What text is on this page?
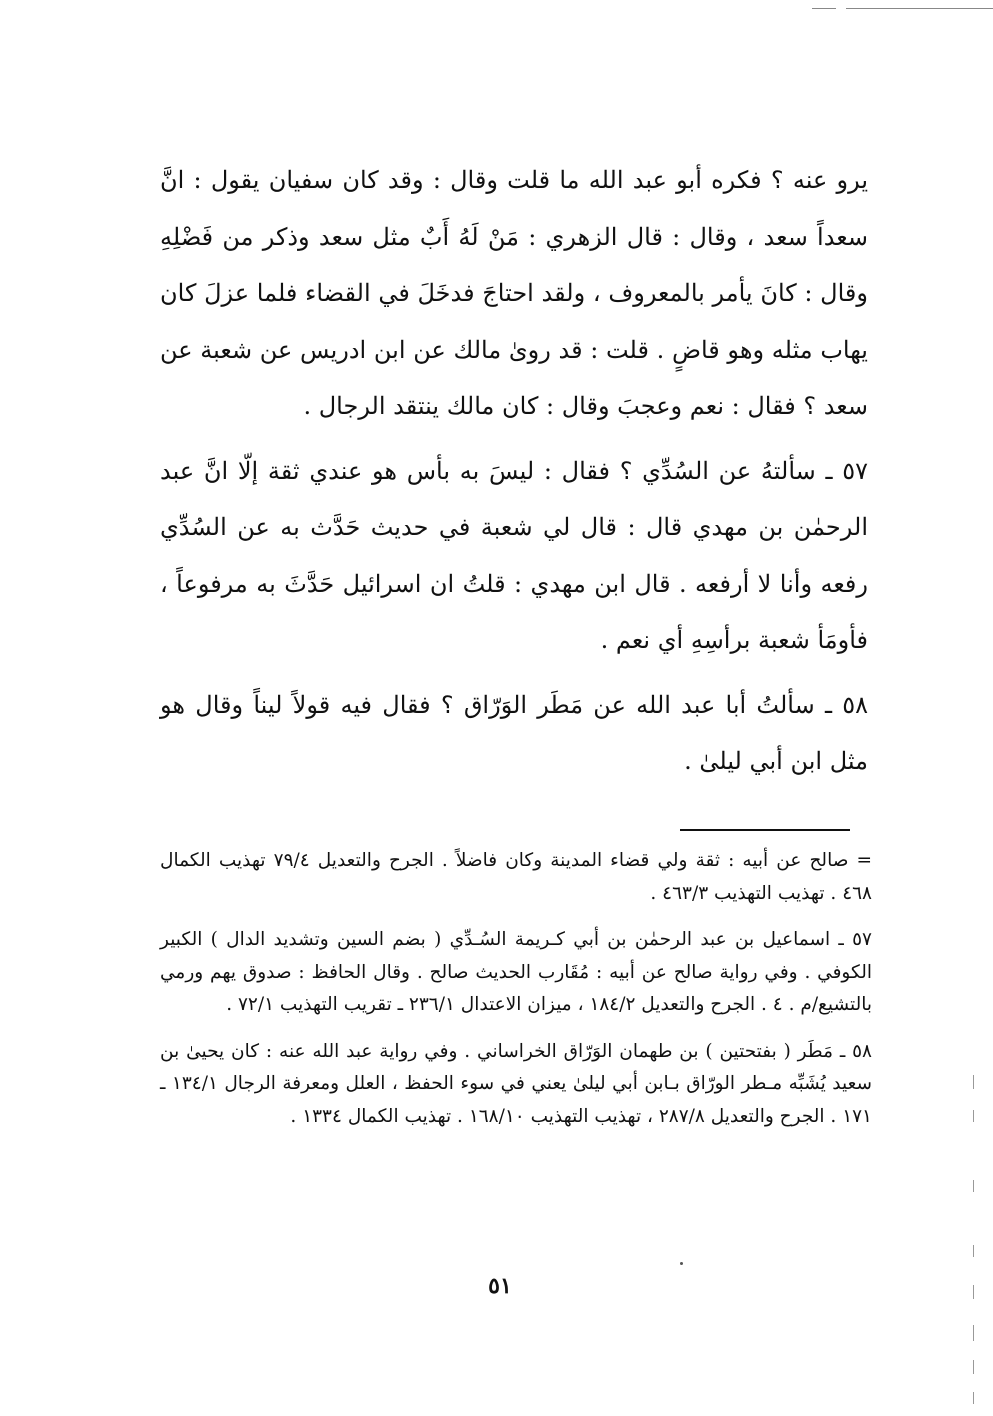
يرو عنه ؟ فكره أبو عبد الله ما قلت وقال : وقد كان سفيان يقول : انَّ سعداً سعد ، وقال : قال الزهري : مَنْ لَهُ أَبٌ مثل سعد وذكر من فَضْلِهِ وقال : كانَ يأمر بالمعروف ، ولقد احتاجَ فدخَلَ في القضاء فلما عزلَ كان يهاب مثله وهو قاضٍ . قلت : قد روىٰ مالك عن ابن ادريس عن شعبة عن سعد ؟ فقال : نعم وعجبَ وقال : كان مالك ينتقد الرجال .

٥٧ ـ سألتهُ عن السُدِّي ؟ فقال : ليسَ به بأس هو عندي ثقة إلّا انَّ عبد الرحمٰن بن مهدي قال : قال لي شعبة في حديث حَدَّث به عن السُدِّي رفعه وأنا لا أرفعه . قال ابن مهدي : قلتُ ان اسرائيل حَدَّثَ به مرفوعاً ، فأومَأ شعبة برأسِهِ أي نعم .

٥٨ ـ سألتُ أبا عبد الله عن مَطَر الوَرّاق ؟ فقال فيه قولاً ليناً وقال هو مثل ابن أبي ليلىٰ .

= صالح عن أبيه : ثقة ولي قضاء المدينة وكان فاضلاً . الجرح والتعديل ٧٩/٤ تهذيب الكمال ٤٦٨ . تهذيب التهذيب ٤٦٣/٣ .

٥٧ ـ اسماعيل بن عبد الرحمٰن بن أبي كـريمة السُـدِّي ( بضم السين وتشديد الدال ) الكبير الكوفي . وفي رواية صالح عن أبيه : مُقَارب الحديث صالح . وقال الحافظ : صدوق يهم ورمي بالتشيع/م . ٤ . الجرح والتعديل ١٨٤/٢ ، ميزان الاعتدال ٢٣٦/١ ـ تقريب التهذيب ٧٢/١ .

٥٨ ـ مَطَر ( بفتحتين ) بن طهمان الوَرّاق الخراساني . وفي رواية عبد الله عنه : كان يحيىٰ بن سعيد يُشَبِّه مـطر الورّاق بـابن أبي ليلىٰ يعني في سوء الحفظ ، العلل ومعرفة الرجال ١٣٤/١ ـ ١٧١ . الجرح والتعديل ٢٨٧/٨ ، تهذيب التهذيب ١٦٨/١٠ . تهذيب الكمال ١٣٣٤ .

٥١
